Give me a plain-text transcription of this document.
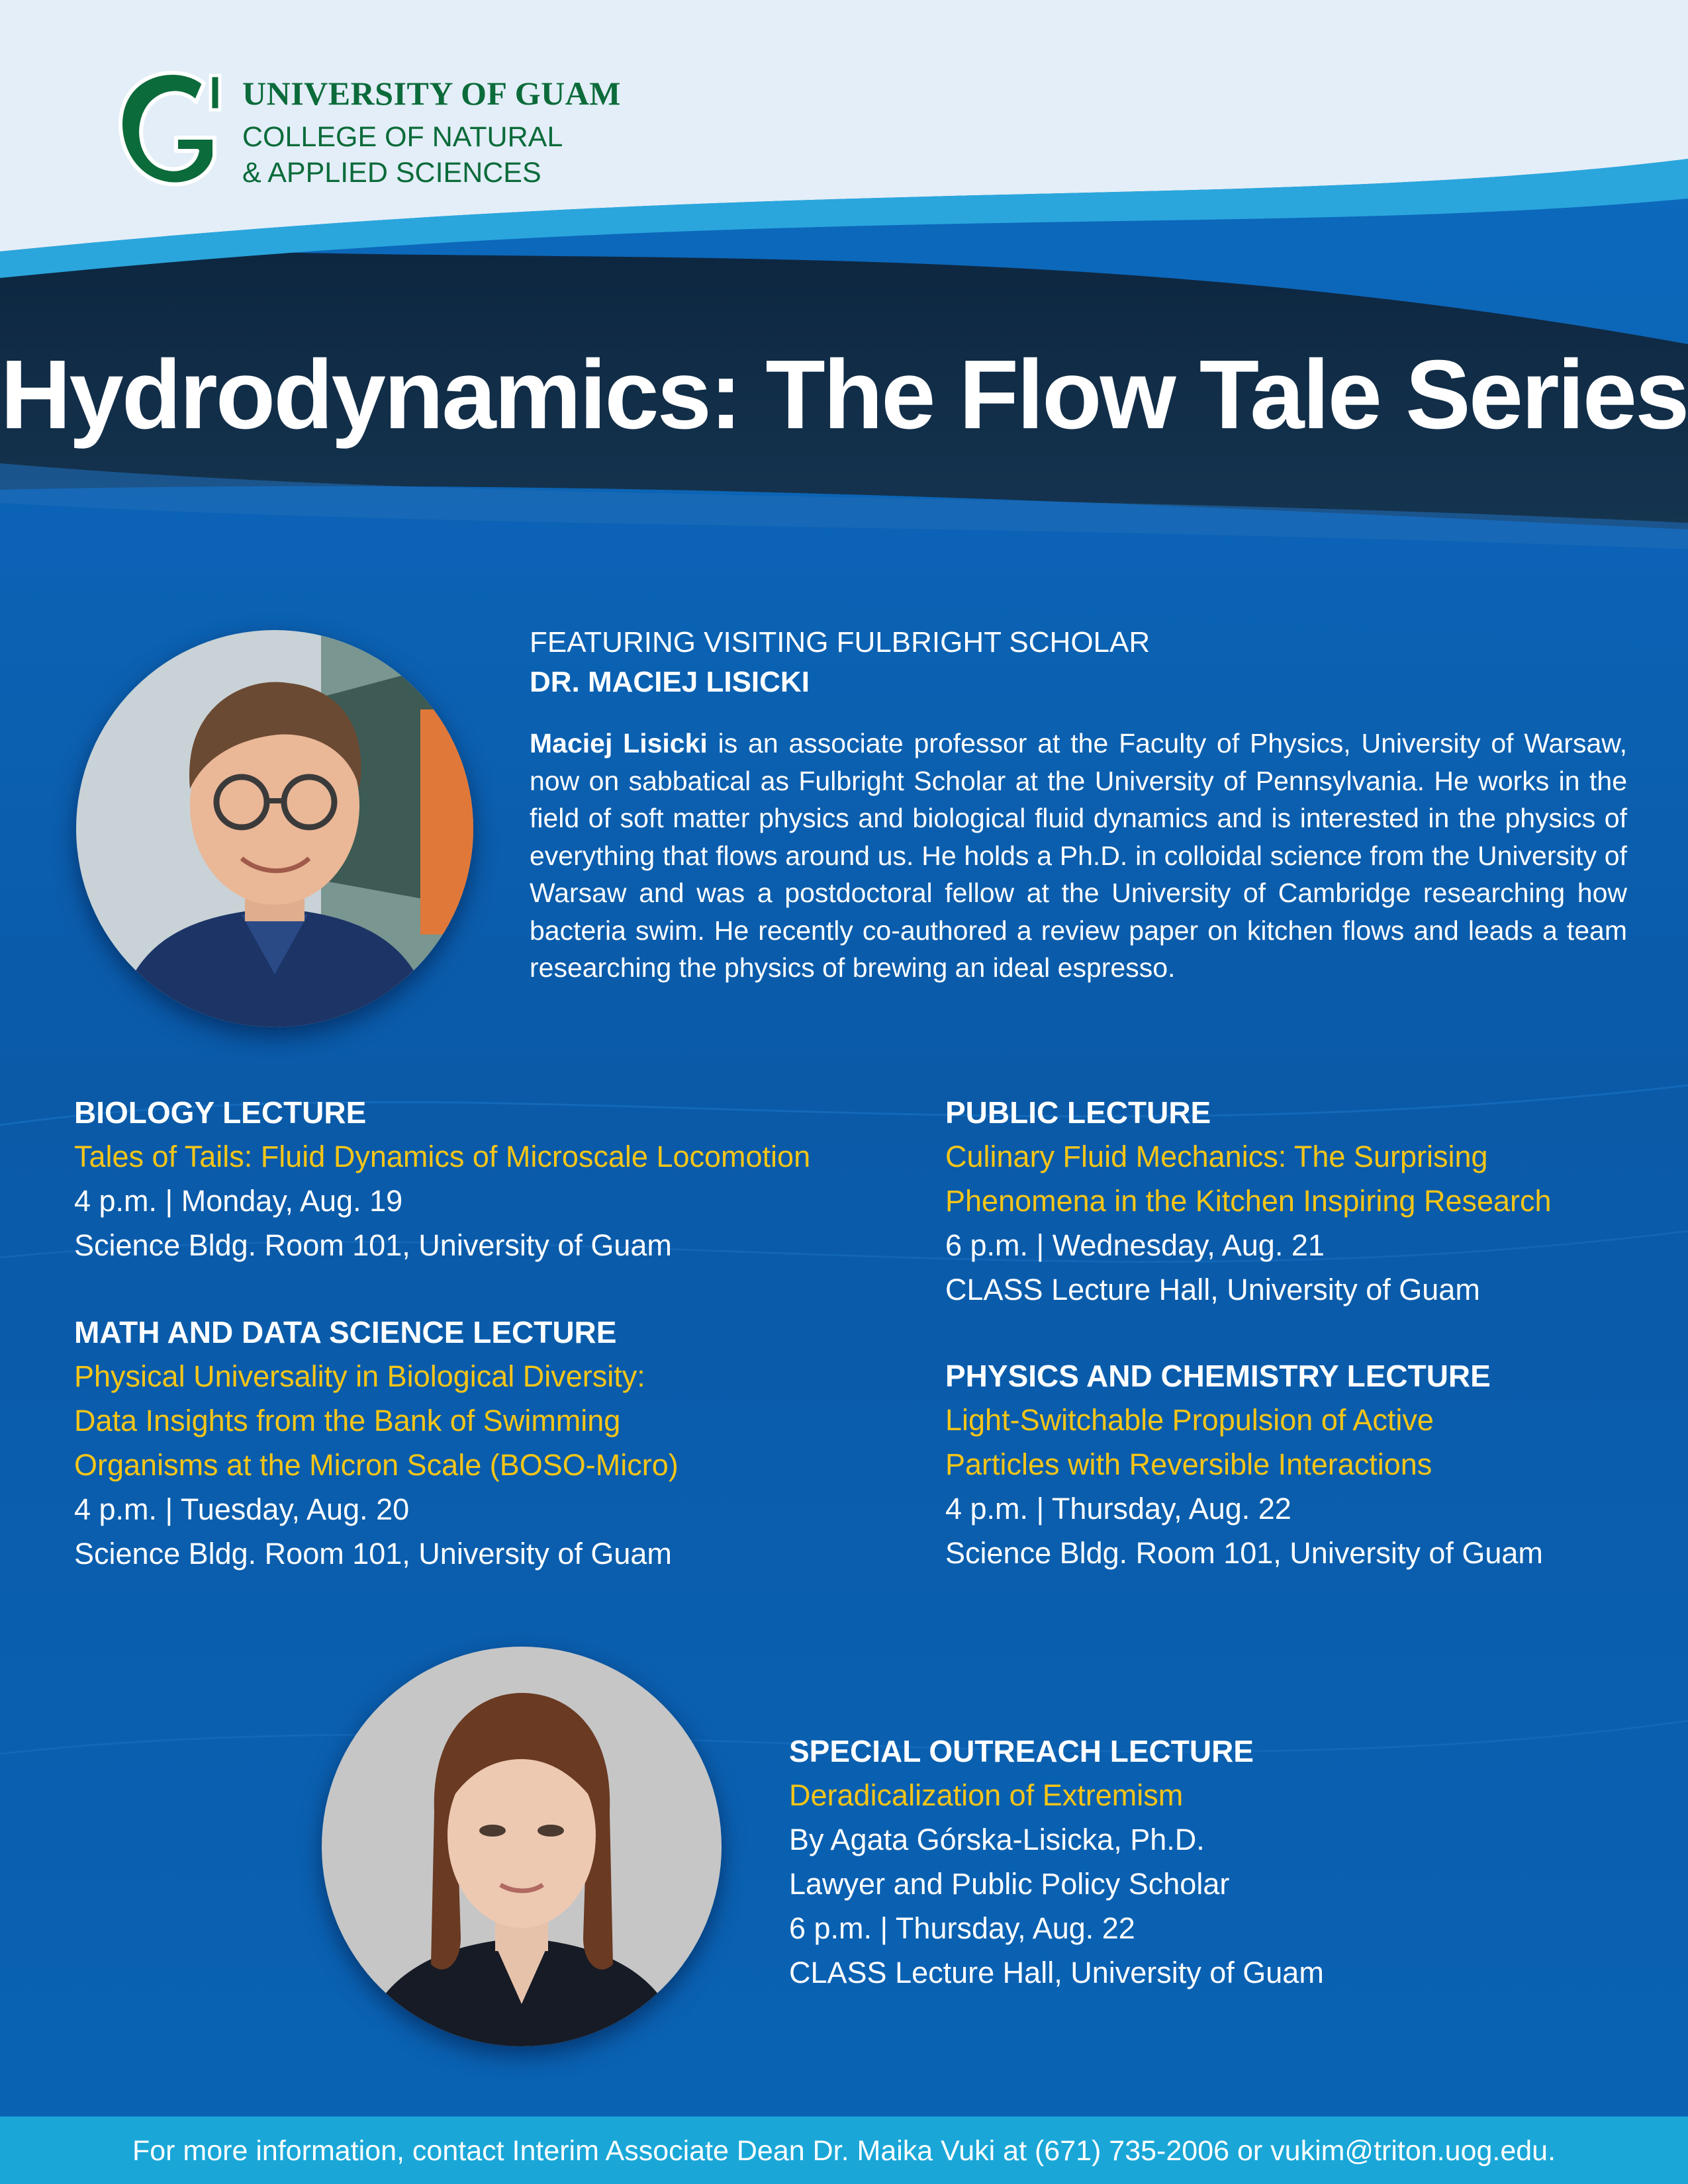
UNIVERSITY OF GUAM
COLLEGE OF NATURAL
& APPLIED SCIENCES
Hydrodynamics: The Flow Tale Series
FEATURING VISITING FULBRIGHT SCHOLAR
DR. MACIEJ LISICKI
Maciej Lisicki is an associate professor at the Faculty of Physics, University of Warsaw, now on sabbatical as Fulbright Scholar at the University of Pennsylvania. He works in the field of soft matter physics and biological fluid dynamics and is interested in the physics of everything that flows around us. He holds a Ph.D. in colloidal science from the University of Warsaw and was a postdoctoral fellow at the University of Cambridge researching how bacteria swim. He recently co-authored a review paper on kitchen flows and leads a team researching the physics of brewing an ideal espresso.
BIOLOGY LECTURE
Tales of Tails: Fluid Dynamics of Microscale Locomotion
4 p.m. | Monday, Aug. 19
Science Bldg. Room 101, University of Guam
MATH AND DATA SCIENCE LECTURE
Physical Universality in Biological Diversity:
Data Insights from the Bank of Swimming
Organisms at the Micron Scale (BOSO-Micro)
4 p.m. | Tuesday, Aug. 20
Science Bldg. Room 101, University of Guam
PUBLIC LECTURE
Culinary Fluid Mechanics: The Surprising
Phenomena in the Kitchen Inspiring Research
6 p.m. | Wednesday, Aug. 21
CLASS Lecture Hall, University of Guam
PHYSICS AND CHEMISTRY LECTURE
Light-Switchable Propulsion of Active
Particles with Reversible Interactions
4 p.m. | Thursday, Aug. 22
Science Bldg. Room 101, University of Guam
SPECIAL OUTREACH LECTURE
Deradicalization of Extremism
By Agata Górska-Lisicka, Ph.D.
Lawyer and Public Policy Scholar
6 p.m. | Thursday, Aug. 22
CLASS Lecture Hall, University of Guam
For more information, contact Interim Associate Dean Dr. Maika Vuki at (671) 735-2006 or vukim@triton.uog.edu.
